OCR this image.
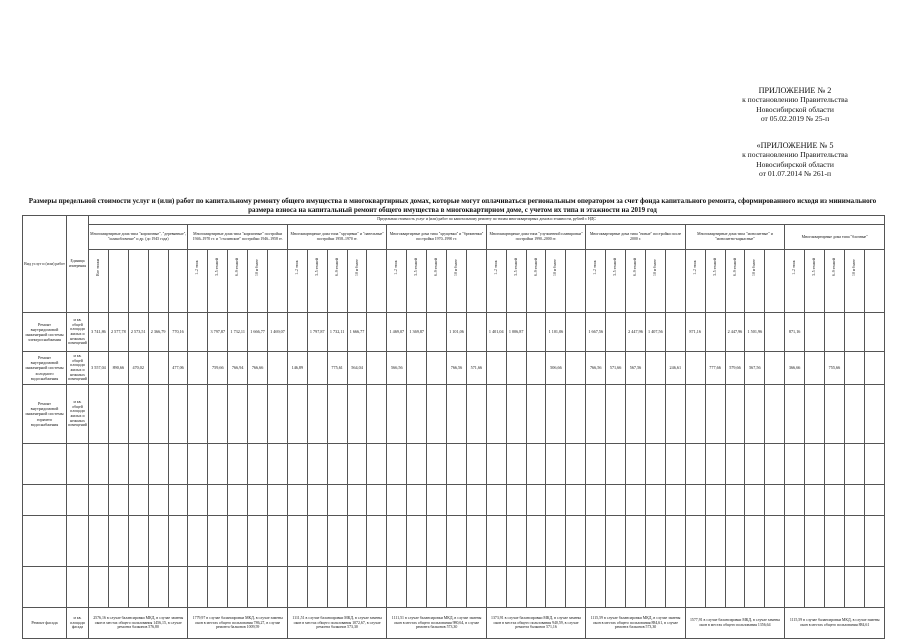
ПРИЛОЖЕНИЕ № 2
к постановлению Правительства
Новосибирской области
от 05.02.2019 № 25-п
«ПРИЛОЖЕНИЕ № 5
к постановлению Правительства
Новосибирской области
от 01.07.2014 № 261-п
Размеры предельной стоимости услуг и (или) работ по капитальному ремонту общего имущества в многоквартирных домах, которые могут оплачиваться региональным оператором за счет фонда капитального ремонта, сформированного исходя из минимального размера взноса на капитальный ремонт общего имущества в многоквартирном доме, с учетом их типа и этажности на 2019 год
Вид услуг и (или) работ	Единица измерения	Предельная стоимость услуг и (или) работ по капитальному ремонту по типам многоквартирных домов и этажности, рублей с НДС																																							
		Многоквартирные дома типа "кирпичные", "деревянные", "шлакоблочные" и др. (до 1945 года)					Многоквартирные дома типа "кирпичные" постройки 1946–1970 гг. и "сталинские" постройки 1946–1958 гг.					Многоквартирные дома типа "хрущевки" и "панельные" постройки 1958–1970 гг.					Многоквартирные дома типа "хрущевки" и "брежневки" постройки 1970–1990 гг.					Многоквартирные дома типа "улучшенной планировки" постройки 1990–2000 гг.					Многоквартирные дома типа "новые" постройки после 2000 г.					Многоквартирные дома типа "монолитные" и "монолитно-каркасные"					Многоквартирные дома типа "блочные"				

		Все этажи					1–2 этаж	3–5 этажей	6–9 этажей	10 и более		1–2 этаж	3–5 этажей	6–9 этажей	10 и более		1–2 этаж	3–5 этажей	6–9 этажей	10 и более		1–2 этаж	3–5 этажей	6–9 этажей	10 и более		1–2 этаж	3–5 этажей	6–9 этажей	10 и более		1–2 этаж	3–5 этажей	6–9 этажей	10 и более		1–2 этаж	3–5 этажей	6–9 этажей	10 и более	

Ремонт внутридомовой инженерной системы электроснабжения	м кв. общей площади жилых и нежилых помещений	3 741,86	2 577,78	2 573,51	2 366,79	770,16		3 797,87	1 732,11	1 666,77	1 469,07		1 797,87	1 732,11	1 666,77		1 469,07	1 369,87		1 101,06		1 401,04	1 006,87		1 101,06		1 667,56		2 447,96	1 407,56		871,16		2 447,96	1 501,96		871,16				
Ремонт внутридомовой инженерной системы холодного водоснабжения	м кв. общей площади жилых и нежилых помещений	3 557,04	890,66	470,02		477,06		759,66	766,94	766,66		146,89		775,61	564,04		566,56			766,56	571,66				506,66		766,56	571,66	567,56		246,61		777,66	579,66	567,56		366,66		755,66		
Ремонт внутридомовой инженерной системы горячего водоснабжения	м кв. общей площади жилых и нежилых помещений																																								

Ремонт фасада	м кв. площади фасада	2576,16 в случае балансировки МКД, в случае замены окон в местах общего пользования 1456,15, в случае ремонта балконов 576,80					1779,97 в случае балансировки МКД, в случае замены окон в местах общего пользования 786,27, в случае ремонта балконов 1009,59					1111,51 в случае балансировки МКД, в случае замены окон в местах общего пользования 1072,67, в случае ремонта балконов 573,30					1111,51 в случае балансировки МКД, в случае замены окон в местах общего пользования 980,64, в случае ремонта балконов 573,30					1373,91 в случае балансировки МКД, в случае замены окон в местах общего пользования 940,59, в случае ремонта балконов 571,16					1115,59 в случае балансировки МКД, в случае замены окон в местах общего пользования 884,61, в случае ремонта балконов 573,30					1577,91 в случае балансировки МКД, в случае замены окон в местах общего пользования 1356,64					1115,59 в случае балансировки МКД, в случае замены окон в местах общего пользования 884,61				
